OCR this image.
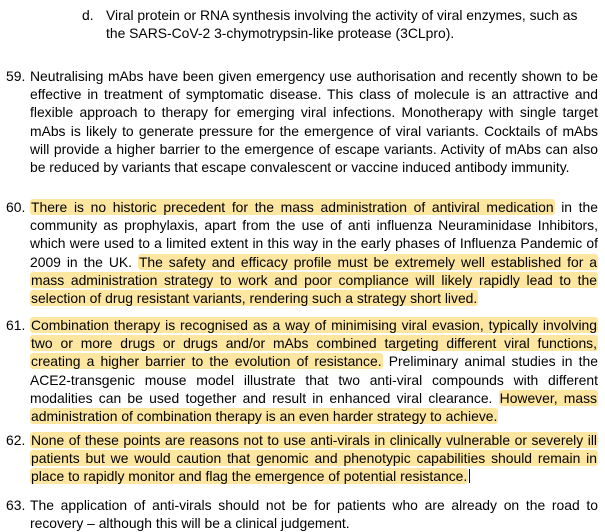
d. Viral protein or RNA synthesis involving the activity of viral enzymes, such as the SARS-CoV-2 3-chymotrypsin-like protease (3CLpro).
59. Neutralising mAbs have been given emergency use authorisation and recently shown to be effective in treatment of symptomatic disease. This class of molecule is an attractive and flexible approach to therapy for emerging viral infections. Monotherapy with single target mAbs is likely to generate pressure for the emergence of viral variants. Cocktails of mAbs will provide a higher barrier to the emergence of escape variants. Activity of mAbs can also be reduced by variants that escape convalescent or vaccine induced antibody immunity.
60. There is no historic precedent for the mass administration of antiviral medication in the community as prophylaxis, apart from the use of anti influenza Neuraminidase Inhibitors, which were used to a limited extent in this way in the early phases of Influenza Pandemic of 2009 in the UK. The safety and efficacy profile must be extremely well established for a mass administration strategy to work and poor compliance will likely rapidly lead to the selection of drug resistant variants, rendering such a strategy short lived.
61. Combination therapy is recognised as a way of minimising viral evasion, typically involving two or more drugs or drugs and/or mAbs combined targeting different viral functions, creating a higher barrier to the evolution of resistance. Preliminary animal studies in the ACE2-transgenic mouse model illustrate that two anti-viral compounds with different modalities can be used together and result in enhanced viral clearance. However, mass administration of combination therapy is an even harder strategy to achieve.
62. None of these points are reasons not to use anti-virals in clinically vulnerable or severely ill patients but we would caution that genomic and phenotypic capabilities should remain in place to rapidly monitor and flag the emergence of potential resistance.
63. The application of anti-virals should not be for patients who are already on the road to recovery – although this will be a clinical judgement.
